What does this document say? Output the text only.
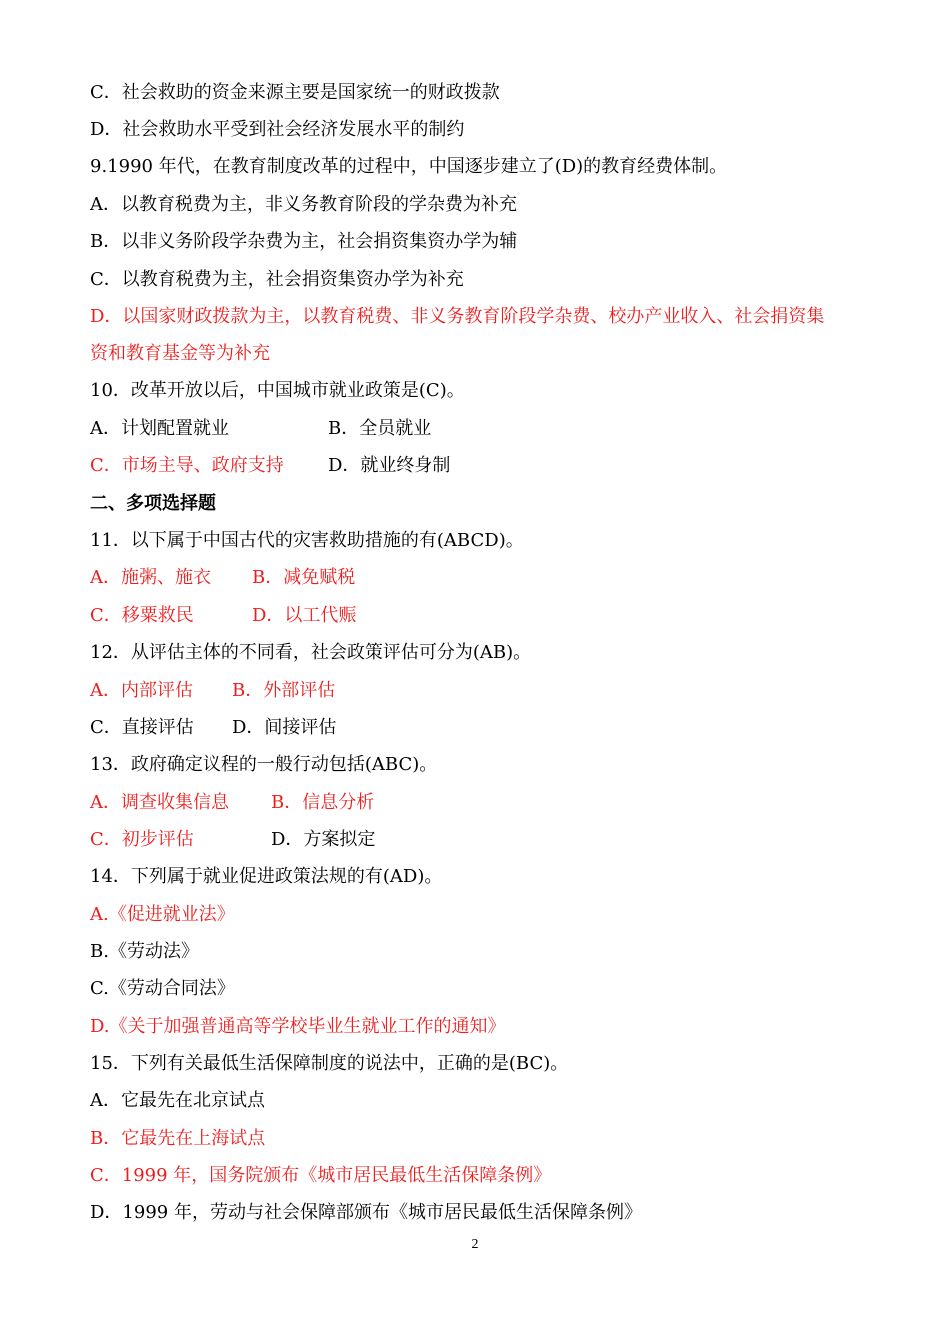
C．社会救助的资金来源主要是国家统一的财政拨款
D．社会救助水平受到社会经济发展水平的制约
9.1990 年代，在教育制度改革的过程中，中国逐步建立了(D)的教育经费体制。
A．以教育税费为主，非义务教育阶段的学杂费为补充
B．以非义务阶段学杂费为主，社会捐资集资办学为辅
C．以教育税费为主，社会捐资集资办学为补充
D．以国家财政拨款为主，以教育税费、非义务教育阶段学杂费、校办产业收入、社会捐资集
资和教育基金等为补充
10．改革开放以后，中国城市就业政策是(C)。
A．计划配置就业	B．全员就业
C．市场主导、政府支持 D．就业终身制
二、多项选择题
11．以下属于中国古代的灾害救助措施的有(ABCD)。
A．施粥、施衣 B．减免赋税
C．移粟救民	D．以工代赈
12．从评估主体的不同看，社会政策评估可分为(AB)。
A．内部评估 B．外部评估
C．直接评估 D．间接评估
13．政府确定议程的一般行动包括(ABC)。
A．调查收集信息 B．信息分析
C．初步评估	D．方案拟定
14．下列属于就业促进政策法规的有(AD)。
A.《促进就业法》
B.《劳动法》
C.《劳动合同法》
D.《关于加强普通高等学校毕业生就业工作的通知》
15．下列有关最低生活保障制度的说法中，正确的是(BC)。
A．它最先在北京试点
B．它最先在上海试点
C．1999 年，国务院颁布《城市居民最低生活保障条例》
D．1999 年，劳动与社会保障部颁布《城市居民最低生活保障条例》
2
